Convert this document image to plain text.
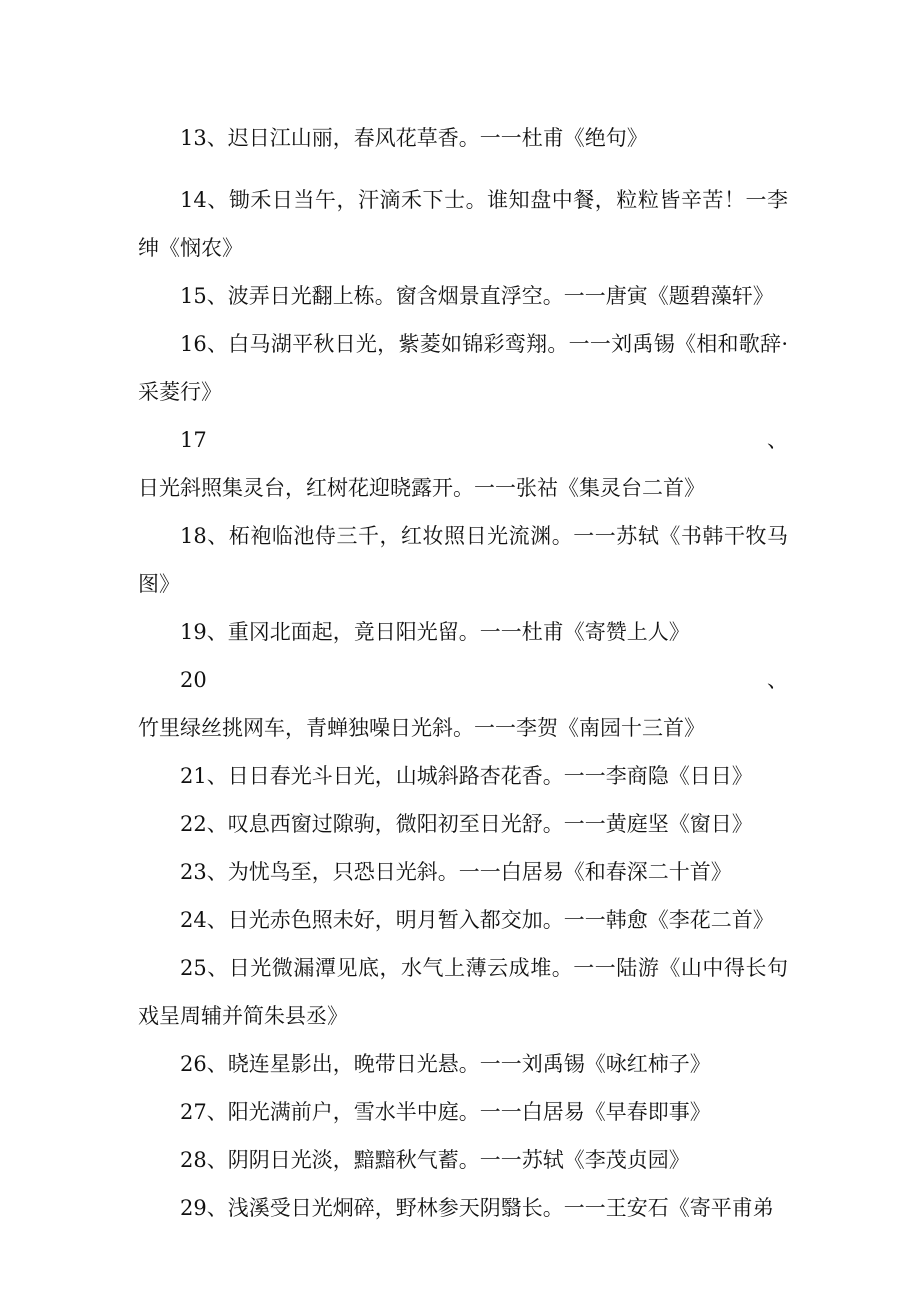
13、迟日江山丽，春风花草香。一一杜甫《绝句》

14、锄禾日当午，汗滴禾下士。谁知盘中餐，粒粒皆辛苦！一李绅《悯农》

15、波弄日光翻上栋。窗含烟景直浮空。一一唐寅《题碧藻轩》

16、白马湖平秋日光，紫菱如锦彩鸾翔。一一刘禹锡《相和歌辞·采菱行》

17、日光斜照集灵台，红树花迎晓露开。一一张祜《集灵台二首》

18、柘袍临池侍三千，红妆照日光流渊。一一苏轼《书韩干牧马图》

19、重冈北面起，竟日阳光留。一一杜甫《寄赞上人》

20、竹里绿丝挑网车，青蝉独噪日光斜。一一李贺《南园十三首》

21、日日春光斗日光，山城斜路杏花香。一一李商隐《日日》

22、叹息西窗过隙驹，微阳初至日光舒。一一黄庭坚《窗日》

23、为忧鸟至，只恐日光斜。一一白居易《和春深二十首》

24、日光赤色照未好，明月暂入都交加。一一韩愈《李花二首》

25、日光微漏潭见底，水气上薄云成堆。一一陆游《山中得长句戏呈周辅并简朱县丞》

26、晓连星影出，晚带日光悬。一一刘禹锡《咏红柿子》

27、阳光满前户，雪水半中庭。一一白居易《早春即事》

28、阴阴日光淡，黯黯秋气蓄。一一苏轼《李茂贞园》

29、浅溪受日光炯碎，野林参天阴翳长。一一王安石《寄平甫弟
